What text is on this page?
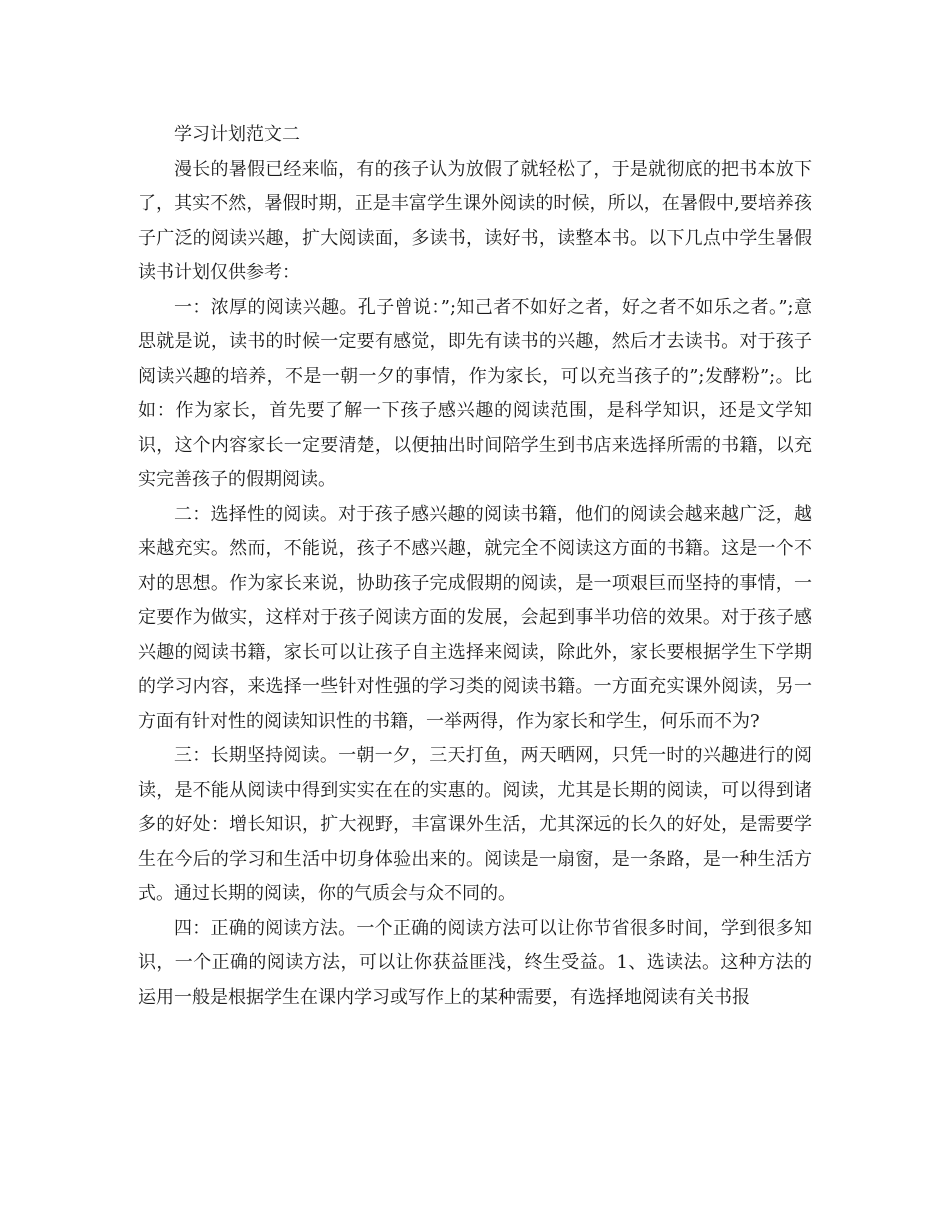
学习计划范文二

漫长的暑假已经来临，有的孩子认为放假了就轻松了，于是就彻底的把书本放下了，其实不然，暑假时期，正是丰富学生课外阅读的时候，所以，在暑假中,要培养孩子广泛的阅读兴趣，扩大阅读面，多读书，读好书，读整本书。以下几点中学生暑假读书计划仅供参考：

一：浓厚的阅读兴趣。孔子曾说：”;知己者不如好之者，好之者不如乐之者。”;意思就是说，读书的时候一定要有感觉，即先有读书的兴趣，然后才去读书。对于孩子阅读兴趣的培养，不是一朝一夕的事情，作为家长，可以充当孩子的”;发酵粉”;。比如：作为家长，首先要了解一下孩子感兴趣的阅读范围，是科学知识，还是文学知识，这个内容家长一定要清楚，以便抽出时间陪学生到书店来选择所需的书籍，以充实完善孩子的假期阅读。

二：选择性的阅读。对于孩子感兴趣的阅读书籍，他们的阅读会越来越广泛，越来越充实。然而，不能说，孩子不感兴趣，就完全不阅读这方面的书籍。这是一个不对的思想。作为家长来说，协助孩子完成假期的阅读，是一项艰巨而坚持的事情，一定要作为做实，这样对于孩子阅读方面的发展，会起到事半功倍的效果。对于孩子感兴趣的阅读书籍，家长可以让孩子自主选择来阅读，除此外，家长要根据学生下学期的学习内容，来选择一些针对性强的学习类的阅读书籍。一方面充实课外阅读，另一方面有针对性的阅读知识性的书籍，一举两得，作为家长和学生，何乐而不为?

三：长期坚持阅读。一朝一夕，三天打鱼，两天晒网，只凭一时的兴趣进行的阅读，是不能从阅读中得到实实在在的实惠的。阅读，尤其是长期的阅读，可以得到诸多的好处：增长知识，扩大视野，丰富课外生活，尤其深远的长久的好处，是需要学生在今后的学习和生活中切身体验出来的。阅读是一扇窗，是一条路，是一种生活方式。通过长期的阅读，你的气质会与众不同的。

四：正确的阅读方法。一个正确的阅读方法可以让你节省很多时间，学到很多知识，一个正确的阅读方法，可以让你获益匪浅，终生受益。1、选读法。这种方法的运用一般是根据学生在课内学习或写作上的某种需要，有选择地阅读有关书报
